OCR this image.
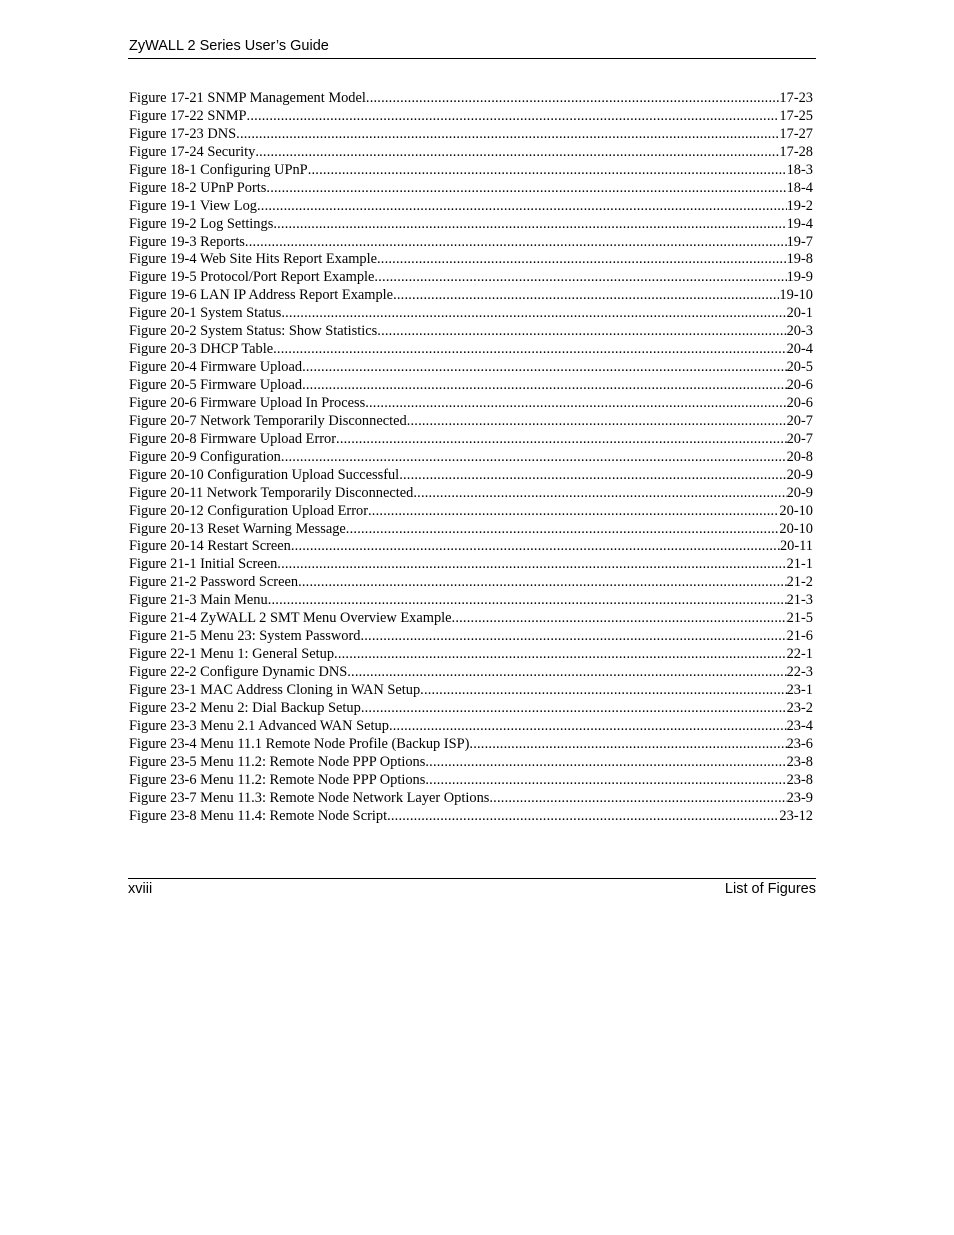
ZyWALL 2 Series User’s Guide
Figure 17-21 SNMP Management Model .....	17-23
Figure 17-22 SNMP .....	17-25
Figure 17-23 DNS .....	17-27
Figure 17-24 Security .....	17-28
Figure 18-1 Configuring UPnP .....	18-3
Figure 18-2 UPnP Ports .....	18-4
Figure 19-1 View Log .....	19-2
Figure 19-2 Log Settings .....	19-4
Figure 19-3 Reports .....	19-7
Figure 19-4 Web Site Hits Report Example .....	19-8
Figure 19-5 Protocol/Port Report Example .....	19-9
Figure 19-6 LAN IP Address Report Example .....	19-10
Figure 20-1 System Status .....	20-1
Figure 20-2 System Status: Show Statistics .....	20-3
Figure 20-3 DHCP Table .....	20-4
Figure 20-4 Firmware Upload .....	20-5
Figure 20-5 Firmware Upload .....	20-6
Figure 20-6 Firmware Upload In Process .....	20-6
Figure 20-7 Network Temporarily Disconnected .....	20-7
Figure 20-8 Firmware Upload Error .....	20-7
Figure 20-9 Configuration .....	20-8
Figure 20-10 Configuration Upload Successful .....	20-9
Figure 20-11 Network Temporarily Disconnected .....	20-9
Figure 20-12 Configuration Upload Error .....	20-10
Figure 20-13 Reset Warning Message .....	20-10
Figure 20-14 Restart Screen .....	20-11
Figure 21-1 Initial Screen .....	21-1
Figure 21-2 Password Screen .....	21-2
Figure 21-3 Main Menu .....	21-3
Figure 21-4 ZyWALL 2 SMT Menu Overview Example .....	21-5
Figure 21-5 Menu 23: System Password .....	21-6
Figure 22-1 Menu 1: General Setup .....	22-1
Figure 22-2 Configure Dynamic DNS .....	22-3
Figure 23-1 MAC Address Cloning in WAN Setup .....	23-1
Figure 23-2 Menu 2: Dial Backup Setup .....	23-2
Figure 23-3 Menu 2.1 Advanced WAN Setup .....	23-4
Figure 23-4 Menu 11.1 Remote Node Profile (Backup ISP) .....	23-6
Figure 23-5 Menu 11.2: Remote Node PPP Options .....	23-8
Figure 23-6 Menu 11.2: Remote Node PPP Options .....	23-8
Figure 23-7 Menu 11.3: Remote Node Network Layer Options .....	23-9
Figure 23-8 Menu 11.4: Remote Node Script .....	23-12
xviii	List of Figures
